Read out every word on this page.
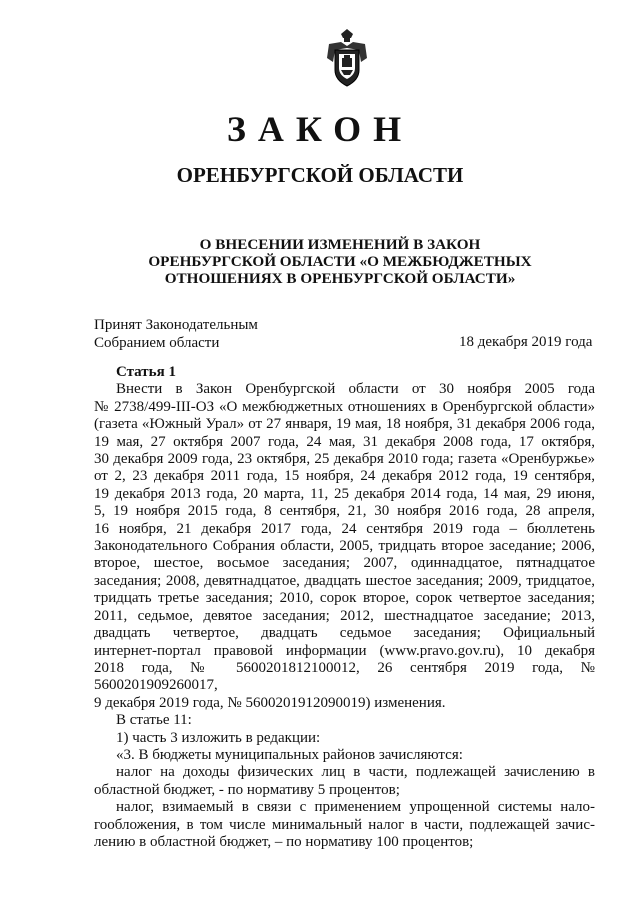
ЗАКОН
ОРЕНБУРГСКОЙ ОБЛАСТИ
О ВНЕСЕНИИ ИЗМЕНЕНИЙ В ЗАКОН
ОРЕНБУРГСКОЙ ОБЛАСТИ «О МЕЖБЮДЖЕТНЫХ
ОТНОШЕНИЯХ В ОРЕНБУРГСКОЙ ОБЛАСТИ»
Принят Законодательным
Собранием области	18 декабря 2019 года

Статья 1

Внести в Закон Оренбургской области от 30 ноября 2005 года

№ 2738/499-III-ОЗ «О межбюджетных отношениях в Оренбургской области»

(газета «Южный Урал» от 27 января, 19 мая, 18 ноября, 31 декабря 2006 года,

19 мая, 27 октября 2007 года, 24 мая, 31 декабря 2008 года, 17 октября,

30 декабря 2009 года, 23 октября, 25 декабря 2010 года; газета «Оренбуржье»

от 2, 23 декабря 2011 года, 15 ноября, 24 декабря 2012 года, 19 сентября,

19 декабря 2013 года, 20 марта, 11, 25 декабря 2014 года, 14 мая, 29 июня,

5, 19 ноября 2015 года, 8 сентября, 21, 30 ноября 2016 года, 28 апреля,

16 ноября, 21 декабря 2017 года, 24 сентября 2019 года – бюллетень

Законодательного Собрания области, 2005, тридцать второе заседание; 2006,

второе, шестое, восьмое заседания; 2007, одиннадцатое, пятнадцатое

заседания; 2008, девятнадцатое, двадцать шестое заседания; 2009, тридцатое,

тридцать третье заседания; 2010, сорок второе, сорок четвертое заседания;

2011, седьмое, девятое заседания; 2012, шестнадцатое заседание; 2013,

двадцать четвертое, двадцать седьмое заседания; Официальный

интернет-портал правовой информации (www.pravo.gov.ru), 10 декабря

2018 года, № 5600201812100012, 26 сентября 2019 года, № 5600201909260017,

9 декабря 2019 года, № 5600201912090019) изменения.

В статье 11:

1) часть 3 изложить в редакции:

«3. В бюджеты муниципальных районов зачисляются:

налог на доходы физических лиц в части, подлежащей зачислению в

областной бюджет, - по нормативу 5 процентов;

налог, взимаемый в связи с применением упрощенной системы нало-

гообложения, в том числе минимальный налог в части, подлежащей зачис-

лению в областной бюджет, – по нормативу 100 процентов;
